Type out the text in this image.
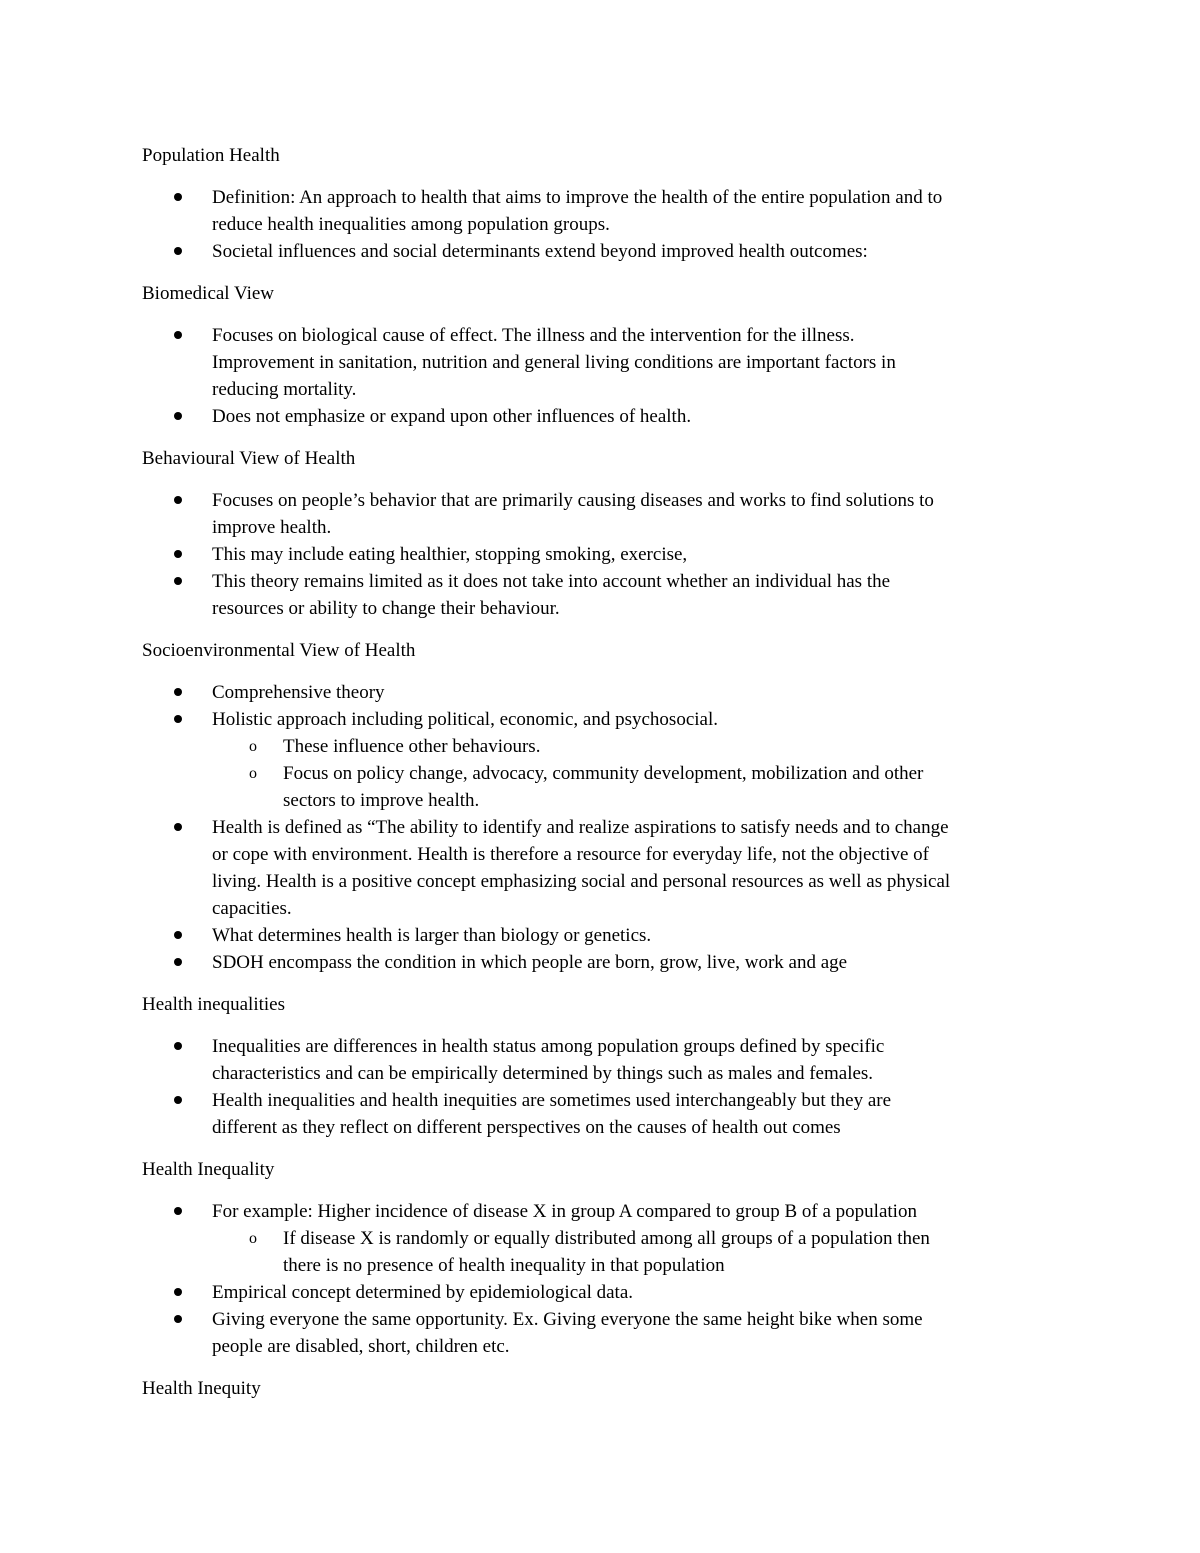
Population Health
Definition: An approach to health that aims to improve the health of the entire population and to
reduce health inequalities among population groups.
Societal influences and social determinants extend beyond improved health outcomes:
Biomedical View
Focuses on biological cause of effect. The illness and the intervention for the illness.
Improvement in sanitation, nutrition and general living conditions are important factors in
reducing mortality.
Does not emphasize or expand upon other influences of health.
Behavioural View of Health
Focuses on people’s behavior that are primarily causing diseases and works to find solutions to
improve health.
This may include eating healthier, stopping smoking, exercise,
This theory remains limited as it does not take into account whether an individual has the
resources or ability to change their behaviour.
Socioenvironmental View of Health
Comprehensive theory
Holistic approach including political, economic, and psychosocial.
o These influence other behaviours.
o Focus on policy change, advocacy, community development, mobilization and other
sectors to improve health.
Health is defined as “The ability to identify and realize aspirations to satisfy needs and to change
or cope with environment. Health is therefore a resource for everyday life, not the objective of
living. Health is a positive concept emphasizing social and personal resources as well as physical
capacities.
What determines health is larger than biology or genetics.
SDOH encompass the condition in which people are born, grow, live, work and age
Health inequalities
Inequalities are differences in health status among population groups defined by specific
characteristics and can be empirically determined by things such as males and females.
Health inequalities and health inequities are sometimes used interchangeably but they are
different as they reflect on different perspectives on the causes of health out comes
Health Inequality
For example: Higher incidence of disease X in group A compared to group B of a population
o If disease X is randomly or equally distributed among all groups of a population then
there is no presence of health inequality in that population
Empirical concept determined by epidemiological data.
Giving everyone the same opportunity. Ex. Giving everyone the same height bike when some
people are disabled, short, children etc.
Health Inequity
